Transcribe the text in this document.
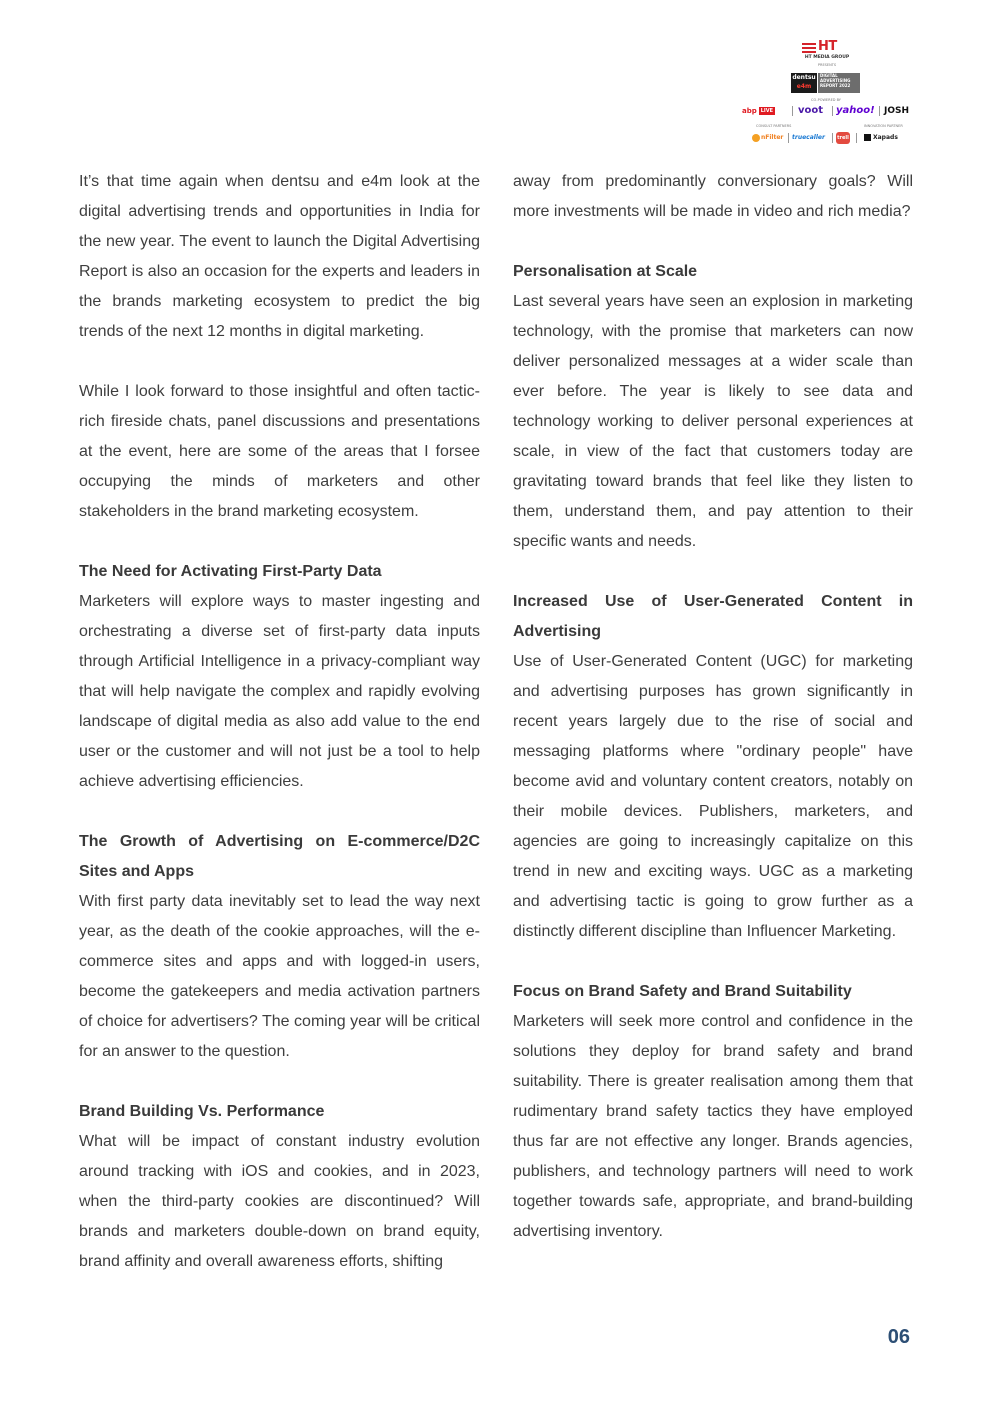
HT
HT MEDIA GROUP
PRESENTS
dentsu
e4m
DIGITAL
ADVERTISING
REPORT 2022
CO-POWERED BY
abp LIVE voot yahoo! JOSH
CONSULT PARTNERS	INNOVATION PARTNER
nFilter truecaller trell	Xapads

It’s that time again when dentsu and e4m look at the digital advertising trends and opportunities in India for the new year. The event to launch the Digital Advertising Report is also an occasion for the experts and leaders in the brands marketing ecosystem to predict the big trends of the next 12 months in digital marketing.

While I look forward to those insightful and often tactic-rich fireside chats, panel discussions and presentations at the event, here are some of the areas that I forsee occupying the minds of marketers and other stakeholders in the brand marketing ecosystem.

The Need for Activating First-Party Data

Marketers will explore ways to master ingesting and orchestrating a diverse set of first-party data inputs through Artificial Intelligence in a privacy-compliant way that will help navigate the complex and rapidly evolving landscape of digital media as also add value to the end user or the customer and will not just be a tool to help achieve advertising efficiencies.

The Growth of Advertising on E-commerce/D2C Sites and Apps

With first party data inevitably set to lead the way next year, as the death of the cookie approaches, will the e-commerce sites and apps and with logged-in users, become the gatekeepers and media activation partners of choice for advertisers? The coming year will be critical for an answer to the question.

Brand Building Vs. Performance

What will be impact of constant industry evolution around tracking with iOS and cookies, and in 2023, when the third-party cookies are discontinued? Will brands and marketers double-down on brand equity, brand affinity and overall awareness efforts, shifting

away from predominantly conversionary goals? Will more investments will be made in video and rich media?

Personalisation at Scale

Last several years have seen an explosion in marketing technology, with the promise that marketers can now deliver personalized messages at a wider scale than ever before. The year is likely to see data and technology working to deliver personal experiences at scale, in view of the fact that customers today are gravitating toward brands that feel like they listen to them, understand them, and pay attention to their specific wants and needs.

Increased Use of User-Generated Content in Advertising

Use of User-Generated Content (UGC) for marketing and advertising purposes has grown significantly in recent years largely due to the rise of social and messaging platforms where "ordinary people" have become avid and voluntary content creators, notably on their mobile devices. Publishers, marketers, and agencies are going to increasingly capitalize on this trend in new and exciting ways. UGC as a marketing and advertising tactic is going to grow further as a distinctly different discipline than Influencer Marketing.

Focus on Brand Safety and Brand Suitability

Marketers will seek more control and confidence in the solutions they deploy for brand safety and brand suitability. There is greater realisation among them that rudimentary brand safety tactics they have employed thus far are not effective any longer. Brands agencies, publishers, and technology partners will need to work together towards safe, appropriate, and brand-building advertising inventory.

06
